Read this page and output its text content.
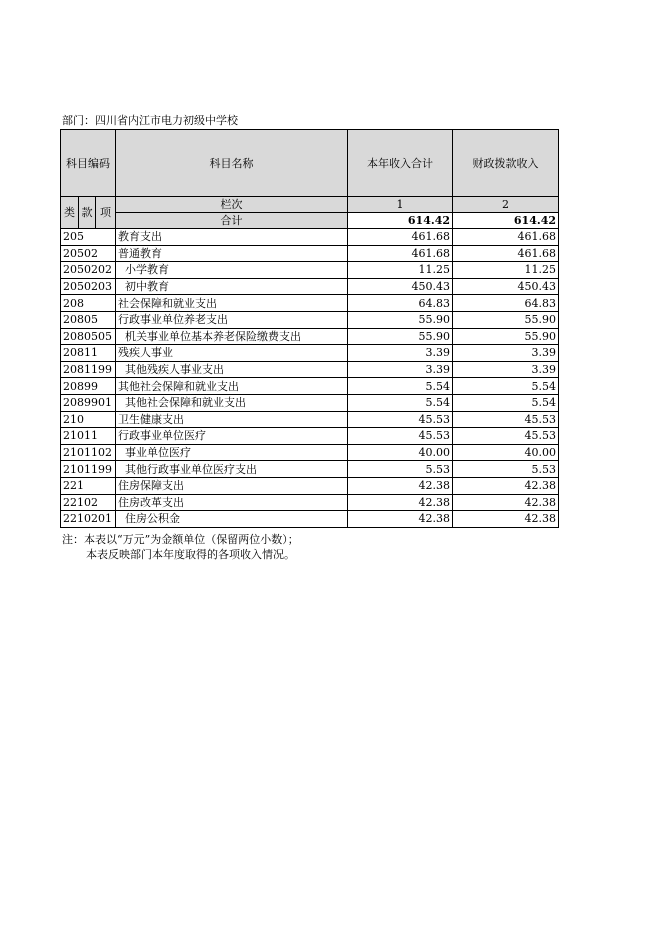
部门：四川省内江市电力初级中学校
科目编码			科目名称	本年收入合计	财政拨款收入
类	款	项	栏次	1	2
			合计	614.42	614.42
205			教育支出	461.68	461.68
20502			普通教育	461.68	461.68
2050202			小学教育	11.25	11.25
2050203			初中教育	450.43	450.43
208			社会保障和就业支出	64.83	64.83
20805			行政事业单位养老支出	55.90	55.90
2080505			机关事业单位基本养老保险缴费支出	55.90	55.90
20811			残疾人事业	3.39	3.39
2081199			其他残疾人事业支出	3.39	3.39
20899			其他社会保障和就业支出	5.54	5.54
2089901			其他社会保障和就业支出	5.54	5.54
210			卫生健康支出	45.53	45.53
21011			行政事业单位医疗	45.53	45.53
2101102			事业单位医疗	40.00	40.00
2101199			其他行政事业单位医疗支出	5.53	5.53
221			住房保障支出	42.38	42.38
22102			住房改革支出	42.38	42.38
2210201			住房公积金	42.38	42.38
注：本表以“万元”为金额单位（保留两位小数）；
本表反映部门本年度取得的各项收入情况。
